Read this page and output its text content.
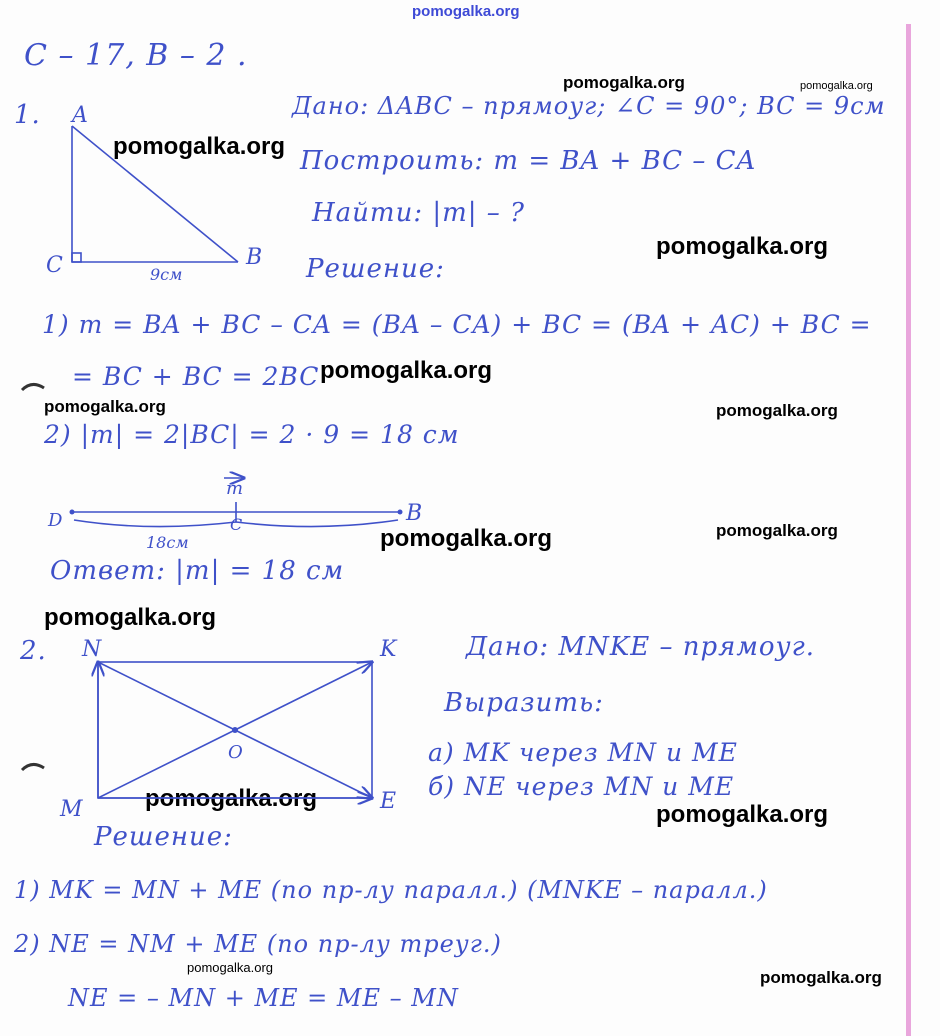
pomogalka.org
pomogalka.org	pomogalka.org
pomogalka.org
pomogalka.org
pomogalka.org
pomogalka.org	pomogalka.org
pomogalka.org	pomogalka.org
pomogalka.org
pomogalka.org
pomogalka.org
pomogalka.org
pomogalka.org
С – 17, В – 2 .
1.	Дано: ΔABC – прямоуг; ∠C = 90°; BC = 9см
Построить: m = BA + BC – CA
Найти: |m| – ?
Решение:
1) m = BA + BC – CA = (BA – CA) + BC = (BA + AC) + BC =
= BC + BC = 2BC
2) |m| = 2|BC| = 2 · 9 = 18 см
Ответ: |m| = 18 см
2.	Дано: MNKE – прямоуг.
Выразить:
а) MK через MN и ME
б) NE через MN и ME
Решение:
1) MK = MN + ME (по пр-лу паралл.) (MNKE – паралл.)
2) NE = NM + ME (по пр-лу треуг.)
NE = – MN + ME = ME – MN
A
B
C	9см
D	C	B
m
18см
N	K
M	E
O
